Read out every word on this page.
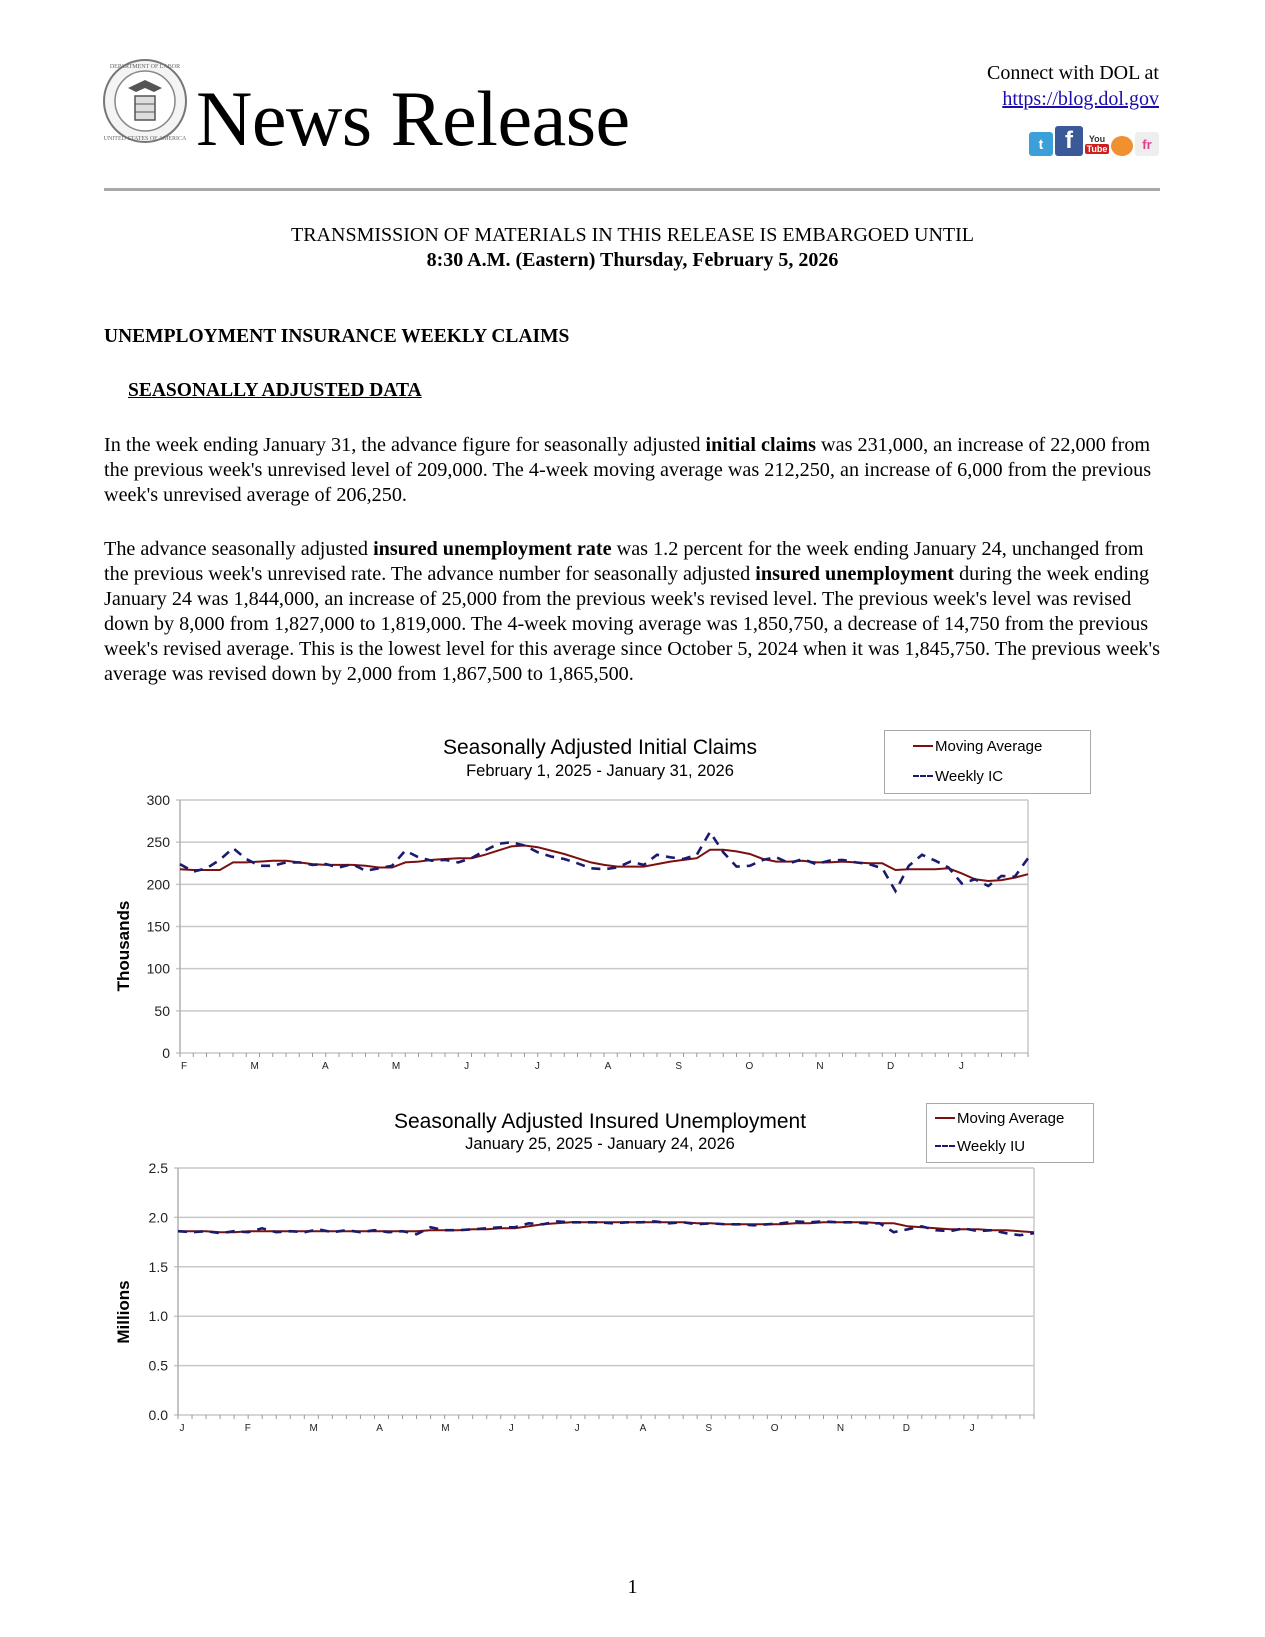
DEPARTMENT OF LABOR
UNITED STATES OF AMERICA News Release
Connect with DOL at
https://blog.dol.gov
t f	You
Tube	fr
TRANSMISSION OF MATERIALS IN THIS RELEASE IS EMBARGOED UNTIL
8:30 A.M. (Eastern) Thursday, February 5, 2026
UNEMPLOYMENT INSURANCE WEEKLY CLAIMS
SEASONALLY ADJUSTED DATA
In the week ending January 31, the advance figure for seasonally adjusted initial claims was 231,000, an increase of 22,000 from the previous week's unrevised level of 209,000. The 4-week moving average was 212,250, an increase of 6,000 from the previous week's unrevised average of 206,250.
The advance seasonally adjusted insured unemployment rate was 1.2 percent for the week ending January 24, unchanged from the previous week's unrevised rate. The advance number for seasonally adjusted insured unemployment during the week ending January 24 was 1,844,000, an increase of 25,000 from the previous week's revised level. The previous week's level was revised down by 8,000 from 1,827,000 to 1,819,000. The 4-week moving average was 1,850,750, a decrease of 14,750 from the previous week's revised average. This is the lowest level for this average since October 5, 2024 when it was 1,845,750. The previous week's average was revised down by 2,000 from 1,867,500 to 1,865,500.
Seasonally Adjusted Initial Claims
February 1, 2025 - January 31, 2026
Moving Average
Weekly IC
Thousands
0
50
100
150
200
250
300
F	M	A	M	J	J	A	S	O	N	D	J
Seasonally Adjusted Insured Unemployment
January 25, 2025 - January 24, 2026
Moving Average
Weekly IU
Millions
0.0
0.5
1.0
1.5
2.0
2.5
J	F	M	A	M	J	J	A	S	O	N	D	J
1
